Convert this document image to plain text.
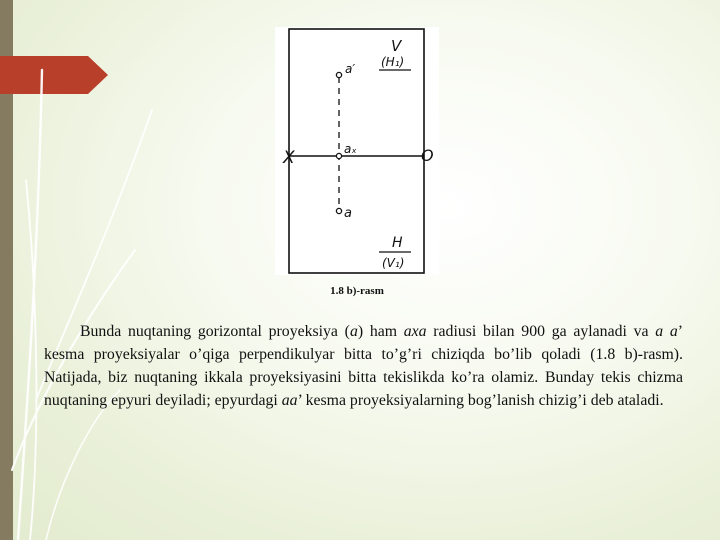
V
(H₁)
a′
X	O
aₓ
a
H
(V₁)
1.8 b)-rasm

Bunda nuqtaning gorizontal proyeksiya (a) ham axa radiusi bilan 900 ga aylanadi va a a’ kesma proyeksiyalar o’qiga perpendikulyar bitta to’g’ri chiziqda bo’lib qoladi (1.8 b)-rasm). Natijada, biz nuqtaning ikkala proyeksiyasini bitta tekislikda ko’ra olamiz. Bunday tekis chizma nuqtaning epyuri deyiladi; epyurdagi aa’ kesma proyeksiyalarning bog’lanish chizig’i deb ataladi.
